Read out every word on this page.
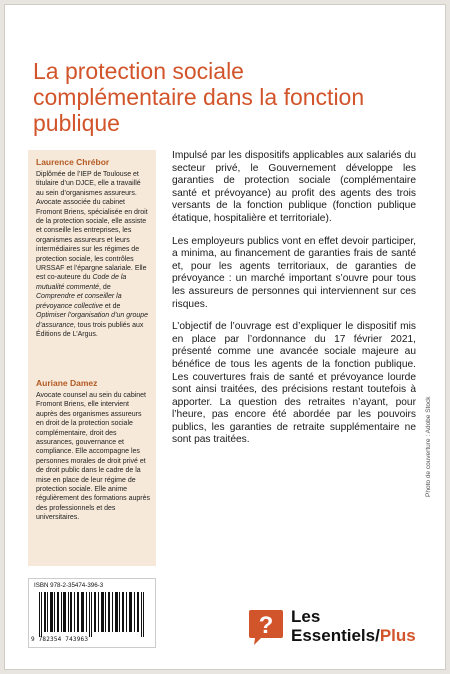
La protection sociale complémentaire dans la fonction publique
Laurence Chrébor

Diplômée de l’IEP de Toulouse et titulaire d’un DJCE, elle a travaillé au sein d’organismes assureurs. Avocate associée du cabinet Fromont Briens, spécialisée en droit de la protection sociale, elle assiste et conseille les entreprises, les organismes assureurs et leurs intermédiaires sur les régimes de protection sociale, les contrôles URSSAF et l’épargne salariale. Elle est co-auteure du Code de la mutualité commenté, de Comprendre et conseiller la prévoyance collective et de Optimiser l’organisation d’un groupe d’assurance, tous trois publiés aux Éditions de L’Argus.

Auriane Damez

Avocate counsel au sein du cabinet Fromont Briens, elle intervient auprès des organismes assureurs en droit de la protection sociale complémentaire, droit des assurances, gouvernance et compliance. Elle accompagne les personnes morales de droit privé et de droit public dans le cadre de la mise en place de leur régime de protection sociale. Elle anime régulièrement des formations auprès des professionnels et des universitaires.

Impulsé par les dispositifs applicables aux salariés du secteur privé, le Gouvernement développe les garanties de protection sociale (complémentaire santé et prévoyance) au profit des agents des trois versants de la fonction publique (fonction publique étatique, hospitalière et territoriale).

Les employeurs publics vont en effet devoir participer, a minima, au financement de garanties frais de santé et, pour les agents territoriaux, de garanties de prévoyance : un marché important s’ouvre pour tous les assureurs de personnes qui interviennent sur ces risques.

L’objectif de l’ouvrage est d’expliquer le dispositif mis en place par l’ordonnance du 17 février 2021, présenté comme une avancée sociale majeure au bénéfice de tous les agents de la fonction publique. Les couvertures frais de santé et prévoyance lourde sont ainsi traitées, des précisions restant toutefois à apporter. La question des retraites n’ayant, pour l’heure, pas encore été abordée par les pouvoirs publics, les garanties de retraite supplémentaire ne sont pas traitées.	Photo de couverture : Adobe Stock
ISBN 978-2-35474-396-3
9 782354 743963
? Les
Essentiels/Plus
